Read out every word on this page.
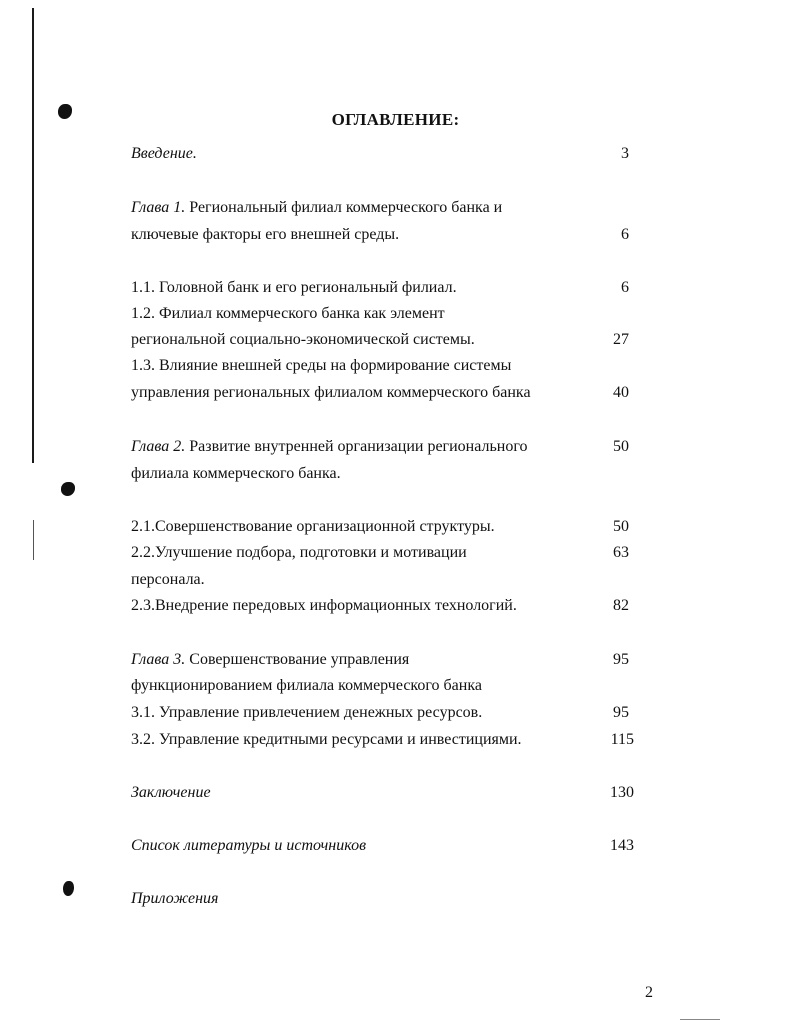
ОГЛАВЛЕНИЕ:
Введение.	3
Глава 1. Региональный филиал коммерческого банка и
ключевые факторы его внешней среды.	6
1.1. Головной банк и его региональный филиал.	6
1.2. Филиал коммерческого банка как элемент
региональной социально-экономической системы.	27
1.3. Влияние внешней среды на формирование системы
управления региональных филиалом коммерческого банка	40
Глава 2. Развитие внутренней организации регионального	50
филиала коммерческого банка.
2.1.Совершенствование организационной структуры.	50
2.2.Улучшение подбора, подготовки и мотивации	63
персонала.
2.3.Внедрение передовых информационных технологий.	82
Глава 3. Совершенствование управления	95
функционированием филиала коммерческого банка
3.1. Управление привлечением денежных ресурсов.	95
3.2. Управление кредитными ресурсами и инвестициями.	115
Заключение	130
Список литературы и источников	143
Приложения
2
